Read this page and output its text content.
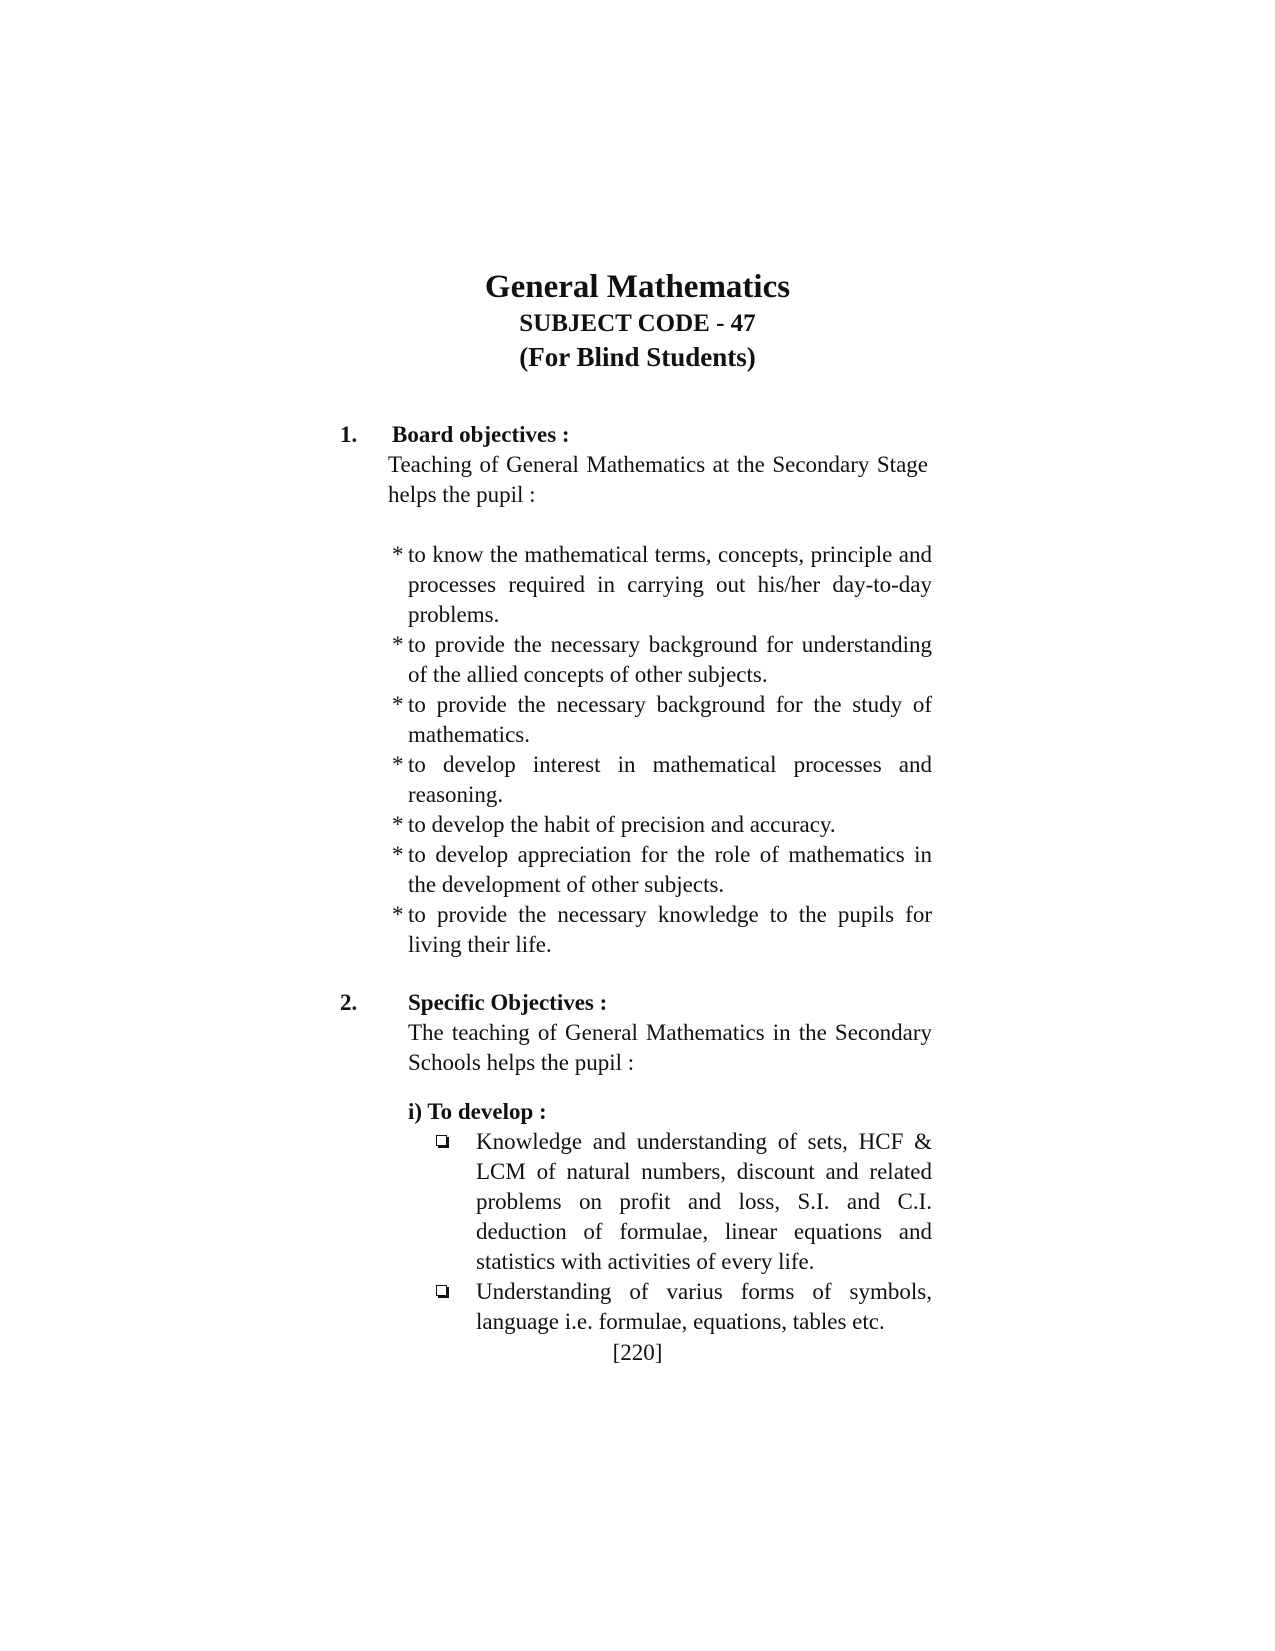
General Mathematics
SUBJECT CODE - 47
(For Blind Students)
1. Board objectives :
Teaching of General Mathematics at the Secondary Stage helps the pupil :
* to know the mathematical terms, concepts, principle and processes required in carrying out his/her day-to-day problems.
* to provide the necessary background for understanding of the allied concepts of other subjects.
* to provide the necessary background for the study of mathematics.
* to develop interest in mathematical processes and reasoning.
* to develop the habit of precision and accuracy.
* to develop appreciation for the role of mathematics in the development of other subjects.
* to provide the necessary knowledge to the pupils for living their life.
2. Specific Objectives :
The teaching of General Mathematics in the Secondary Schools helps the pupil :
i) To develop :
Knowledge and understanding of sets, HCF & LCM of natural numbers, discount and related problems on profit and loss, S.I. and C.I. deduction of formulae, linear equations and statistics with activities of every life.
Understanding of varius forms of symbols, language i.e. formulae, equations, tables etc.
[220]
